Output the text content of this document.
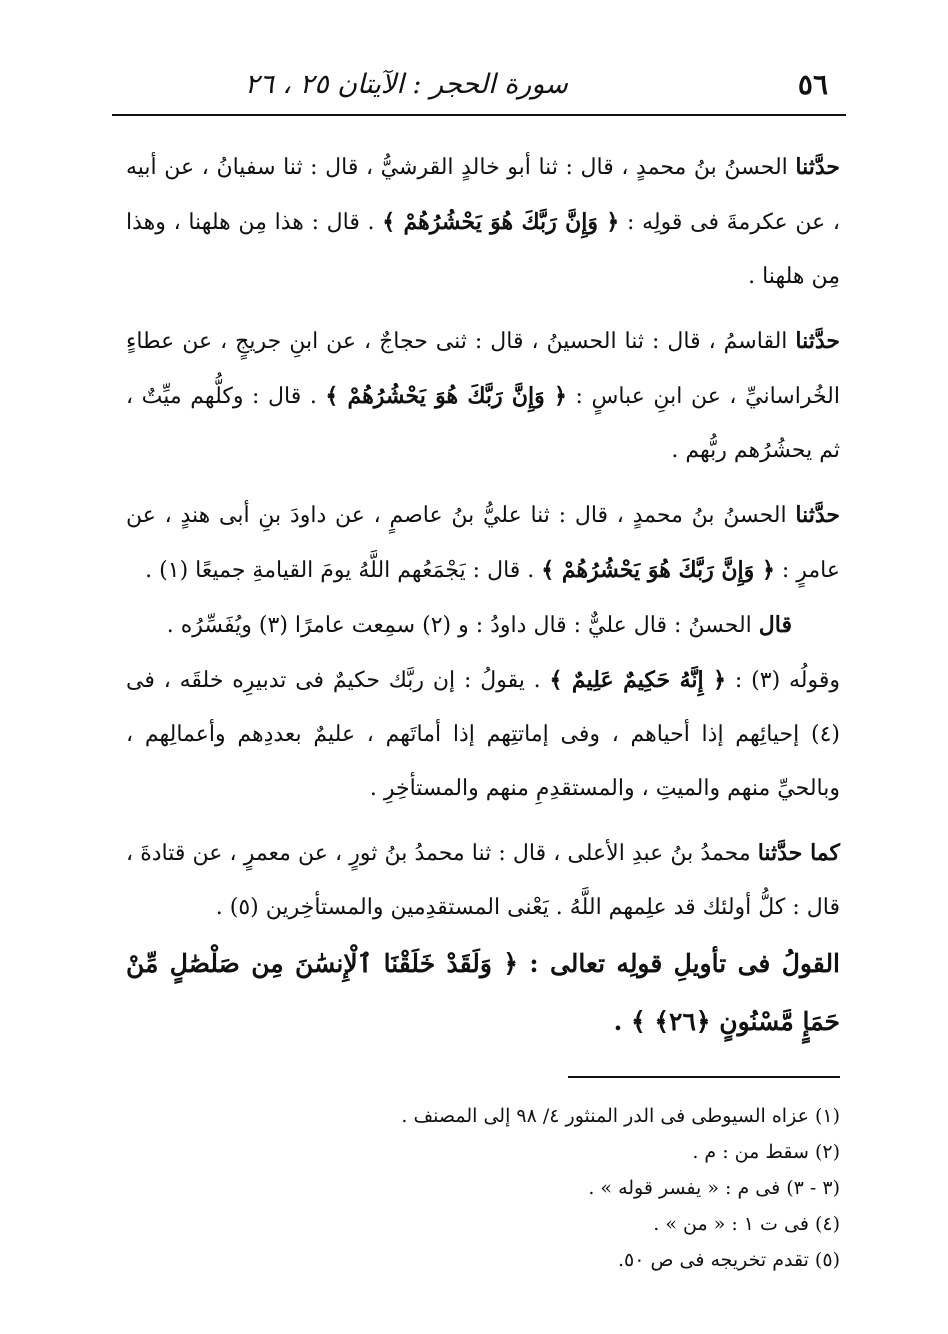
٥٦
سورة الحجر : الآيتان ٢٥ ، ٢٦

حدَّثنا الحسنُ بنُ محمدٍ ، قال : ثنا أبو خالدٍ القرشيُّ ، قال : ثنا سفيانُ ، عن أبيه ، عن عكرمةَ فى قولِه : ﴿ وَإِنَّ رَبَّكَ هُوَ يَحْشُرُهُمْ ﴾ . قال : هذا مِن هلهنا ، وهذا مِن هلهنا .

حدَّثنا القاسمُ ، قال : ثنا الحسينُ ، قال : ثنى حجاجٌ ، عن ابنِ جريجٍ ، عن عطاءٍ الخُراسانيِّ ، عن ابنِ عباسٍ : ﴿ وَإِنَّ رَبَّكَ هُوَ يَحْشُرُهُمْ ﴾ . قال : وكلُّهم ميِّتٌ ، ثم يحشُرُهم ربُّهم .

حدَّثنا الحسنُ بنُ محمدٍ ، قال : ثنا عليُّ بنُ عاصمٍ ، عن داودَ بنِ أبى هندٍ ، عن عامرٍ : ﴿ وَإِنَّ رَبَّكَ هُوَ يَحْشُرُهُمْ ﴾ . قال : يَجْمَعُهم اللَّهُ يومَ القيامةِ جميعًا (١) .

قال الحسنُ : قال عليٌّ : قال داودُ : و (٢) سمِعت عامرًا (٣) ويُفَسِّرُه .

وقولُه (٣) : ﴿ إِنَّهُ حَكِيمٌ عَلِيمٌ ﴾ . يقولُ : إن ربَّك حكيمٌ فى تدبيرِه خلقَه ، فى (٤) إحيائِهم إذا أحياهم ، وفى إماتتِهم إذا أماتَهم ، عليمٌ بعددِهم وأعمالِهم ، وبالحيِّ منهم والميتِ ، والمستقدِمِ منهم والمستأخِرِ .

كما حدَّثنا محمدُ بنُ عبدِ الأعلى ، قال : ثنا محمدُ بنُ ثورٍ ، عن معمرٍ ، عن قتادةَ ، قال : كلُّ أولئك قد علِمهم اللَّهُ . يَعْنى المستقدِمين والمستأخِرين (٥) .

القولُ فى تأويلِ قولِه تعالى : ﴿ وَلَقَدْ خَلَقْنَا ٱلْإِنسَٰنَ مِن صَلْصَٰلٍ مِّنْ حَمَإٍ مَّسْنُونٍ ﴿٢٦﴾ ﴾ .

(١) عزاه السيوطى فى الدر المنثور ٤/ ٩٨ إلى المصنف .

(٢) سقط من : م .

(٣ - ٣) فى م : « يفسر قوله » .

(٤) فى ت ١ : « من » .

(٥) تقدم تخريجه فى ص ٥٠.
